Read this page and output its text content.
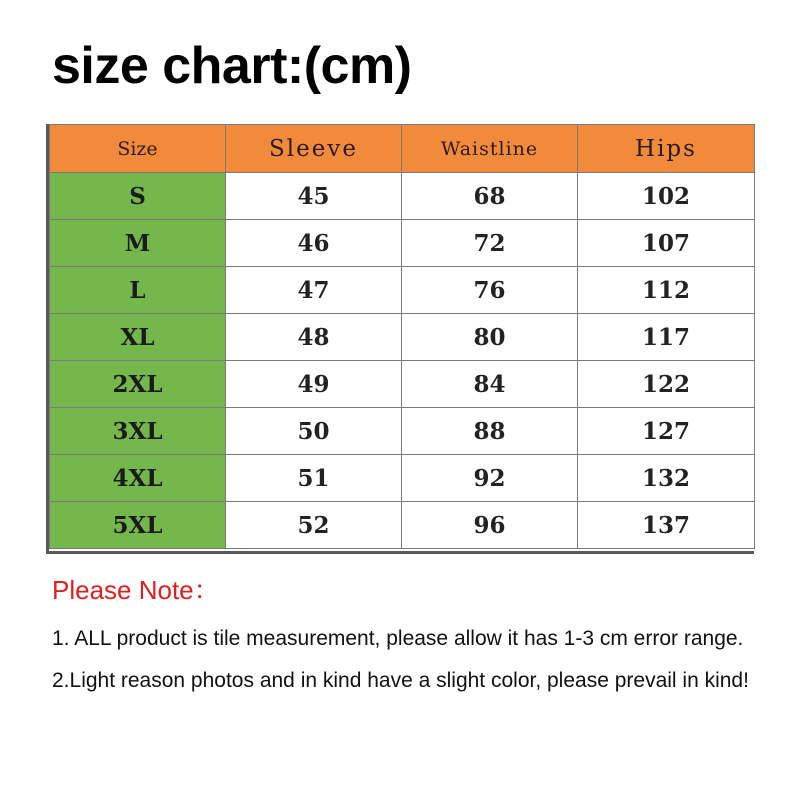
size chart:(cm)
Size	Sleeve	Waistline	Hips
S	45	68	102
M	46	72	107
L	47	76	112
XL	48	80	117
2XL	49	84	122
3XL	50	88	127
4XL	51	92	132
5XL	52	96	137
Please Note：

1. ALL product is tile measurement, please allow it has 1-3 cm error range. 2.Light reason photos and in kind have a slight color, please prevail in kind!
